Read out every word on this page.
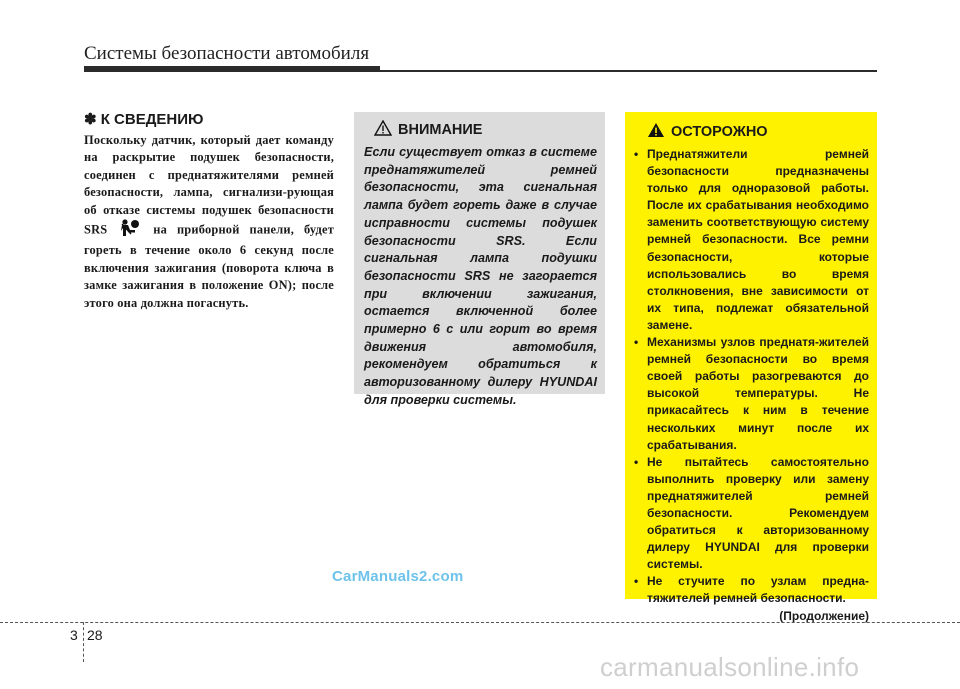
Системы безопасности автомобиля
✽ К СВЕДЕНИЮ
Поскольку датчик, который дает команду на раскрытие подушек безопасности, соединен с преднатяжителями ремней безопасности, лампа, сигнализи-рующая об отказе системы подушек безопасности SRS	на приборной панели, будет гореть в течение около 6 секунд после включения зажигания (поворота ключа в замке зажигания в положение ON); после этого она должна погаснуть.
ВНИМАНИЕ
Если существует отказ в системе преднатяжителей ремней безопасности, эта сигнальная лампа будет гореть даже в случае исправности системы подушек безопасности SRS. Если сигнальная лампа подушки безопасности SRS не загорается при включении зажигания, остается включенной более примерно 6 с или горит во время движения автомобиля, рекомендуем обратиться к авторизованному дилеру HYUNDAI для проверки системы.
ОСТОРОЖНО
• Преднатяжители ремней безопасности предназначены только для одноразовой работы. После их срабатывания необходимо заменить соответствующую систему ремней безопасности. Все ремни безопасности, которые использовались во время столкновения, вне зависимости от их типа, подлежат обязательной замене.
• Механизмы узлов преднатя-жителей ремней безопасности во время своей работы разогреваются до высокой температуры. Не прикасайтесь к ним в течение нескольких минут после их срабатывания.
• Не пытайтесь самостоятельно выполнить проверку или замену преднатяжителей ремней безопасности. Рекомендуем обратиться к авторизованному дилеру HYUNDAI для проверки системы.
• Не стучите по узлам предна-тяжителей ремней безопасности.
(Продолжение)
CarManuals2.com
3 28
carmanualsonline.info
